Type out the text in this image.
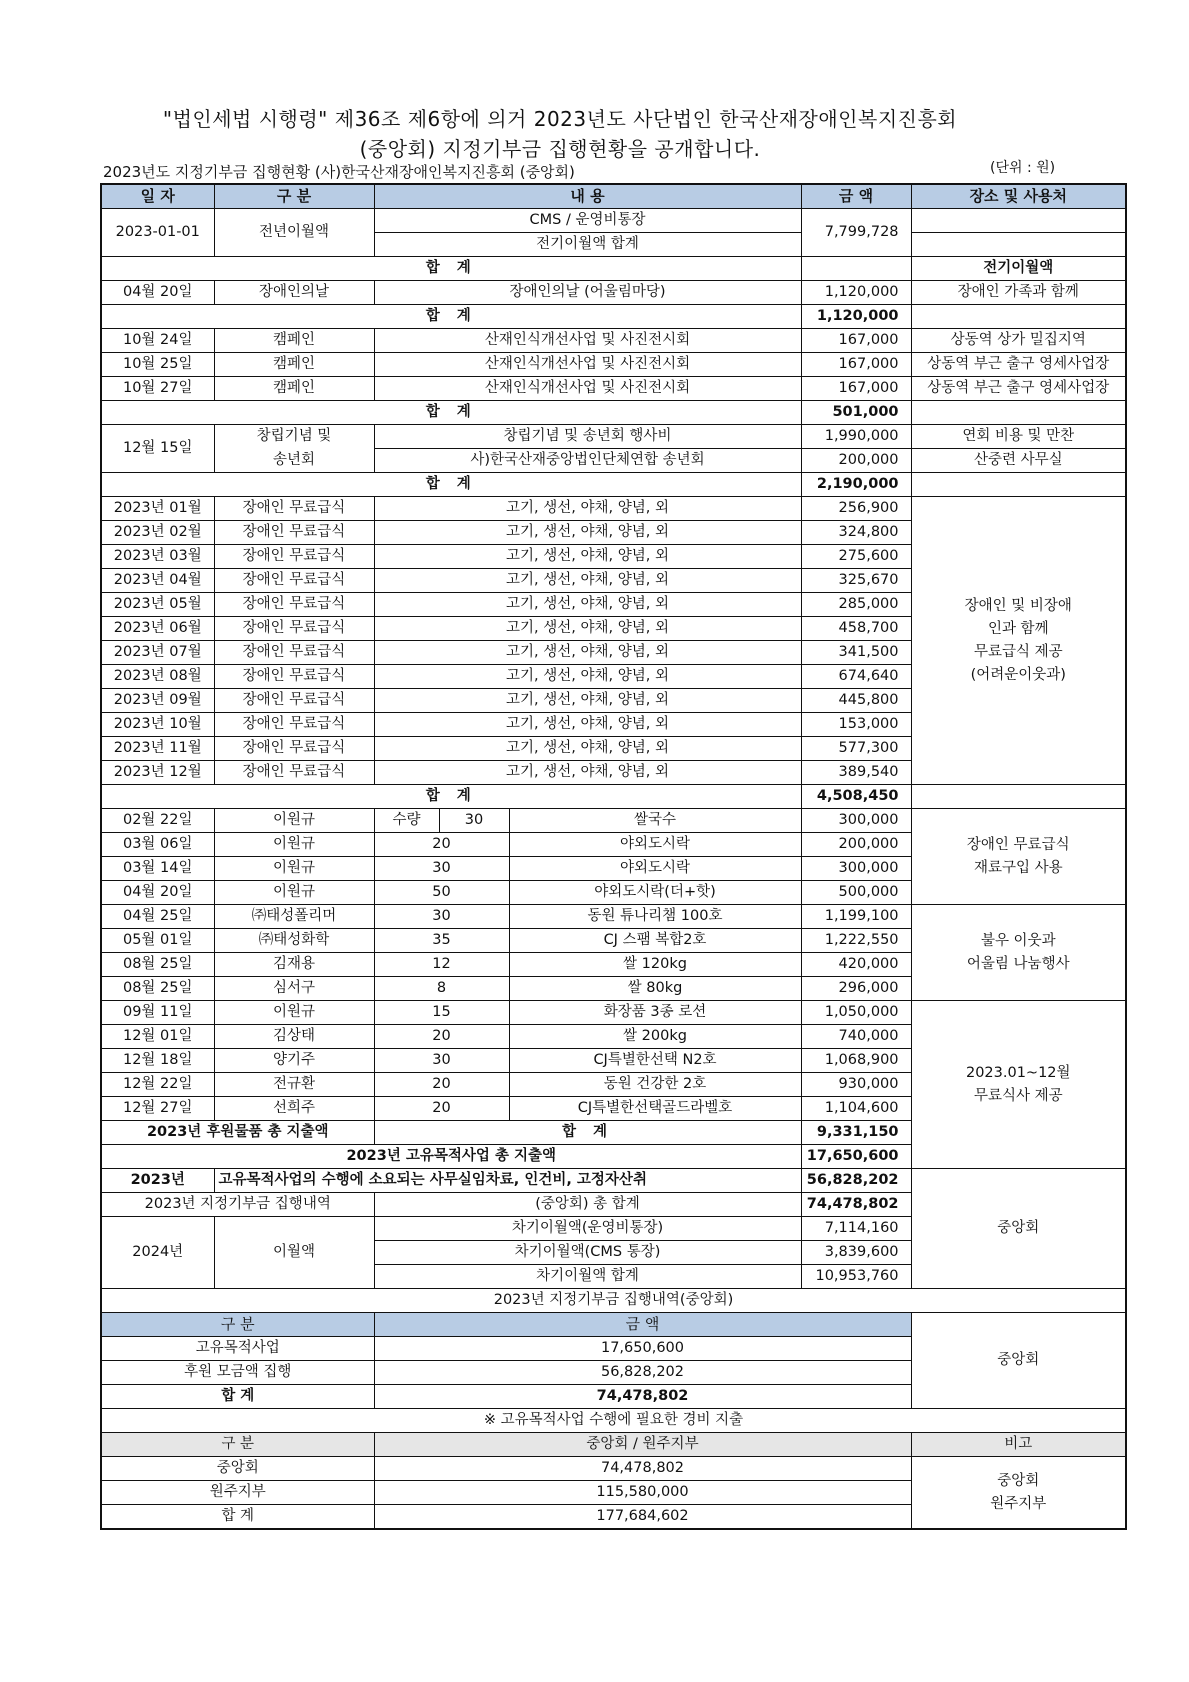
"법인세법 시행령" 제36조 제6항에 의거 2023년도 사단법인 한국산재장애인복지진흥회
(중앙회) 지정기부금 집행현황을 공개합니다.
2023년도 지정기부금 집행현황 (사)한국산재장애인복지진흥회 (중앙회)	(단위 : 원)
일 자	구 분	내 용			금 액	장소 및 사용처
2023-01-01	전년이월액	CMS / 운영비통장			7,799,728	
		전기이월액 합계				
합 계						전기이월액
04월 20일	장애인의날	장애인의날 (어울림마당)			1,120,000	장애인 가족과 함께
합 계					1,120,000	
10월 24일	캠페인	산재인식개선사업 및 사진전시회			167,000	상동역 상가 밀집지역
10월 25일	캠페인	산재인식개선사업 및 사진전시회			167,000	상동역 부근 출구 영세사업장
10월 27일	캠페인	산재인식개선사업 및 사진전시회			167,000	상동역 부근 출구 영세사업장
합 계					501,000	
12월 15일	창립기념 및	창립기념 및 송년회 행사비			1,990,000	연회 비용 및 만찬
	송년회	사)한국산재중앙법인단체연합 송년회			200,000	산중련 사무실
합 계					2,190,000	
2023년 01월	장애인 무료급식	고기, 생선, 야채, 양념, 외			256,900	장애인 및 비장애
인과 함께
무료급식 제공
(어려운이웃과)

2023년 02월	장애인 무료급식	고기, 생선, 야채, 양념, 외			324,800	
2023년 03월	장애인 무료급식	고기, 생선, 야채, 양념, 외			275,600	
2023년 04월	장애인 무료급식	고기, 생선, 야채, 양념, 외			325,670	
2023년 05월	장애인 무료급식	고기, 생선, 야채, 양념, 외			285,000	
2023년 06월	장애인 무료급식	고기, 생선, 야채, 양념, 외			458,700	
2023년 07월	장애인 무료급식	고기, 생선, 야채, 양념, 외			341,500	
2023년 08월	장애인 무료급식	고기, 생선, 야채, 양념, 외			674,640	
2023년 09월	장애인 무료급식	고기, 생선, 야채, 양념, 외			445,800	
2023년 10월	장애인 무료급식	고기, 생선, 야채, 양념, 외			153,000	
2023년 11월	장애인 무료급식	고기, 생선, 야채, 양념, 외			577,300	
2023년 12월	장애인 무료급식	고기, 생선, 야채, 양념, 외			389,540	
합 계					4,508,450	
02월 22일	이원규	수량	30	쌀국수	300,000	장애인 무료급식
재료구입 사용

03월 06일	이원규	20		야외도시락	200,000	
03월 14일	이원규	30		야외도시락	300,000	
04월 20일	이원규	50		야외도시락(더+핫)	500,000	
04월 25일	㈜태성폴리머	30		동원 튜나리챔 100호	1,199,100	불우 이웃과
어울림 나눔행사

05월 01일	㈜태성화학	35		CJ 스팸 복합2호	1,222,550	
08월 25일	김재용	12		쌀 120kg	420,000	
08월 25일	심서구	8		쌀 80kg	296,000	
09월 11일	이원규	15		화장품 3종 로션	1,050,000	2023.01~12월
무료식사 제공

12월 01일	김상태	20		쌀 200kg	740,000	
12월 18일	양기주	30		CJ특별한선택 N2호	1,068,900	
12월 22일	전규환	20		동원 건강한 2호	930,000	
12월 27일	선희주	20		CJ특별한선택골드라벨호	1,104,600	
2023년 후원물품 총 지출액		합 계			9,331,150	
2023년 고유목적사업 총 지출액					17,650,600	
2023년	고유목적사업의 수행에 소요되는 사무실임차료, 인건비, 고정자산취				56,828,202	중앙회
2023년 지정기부금 집행내역		(중앙회) 총 합계			74,478,802	
2024년	이월액	차기이월액(운영비통장)			7,114,160	
		차기이월액(CMS 통장)			3,839,600	
		차기이월액 합계			10,953,760	
2023년 지정기부금 집행내역(중앙회)						
구 분		금 액				중앙회
고유목적사업		17,650,600				
후원 모금액 집행		56,828,202				
합 계		74,478,802				
※ 고유목적사업 수행에 필요한 경비 지출						
구 분		중앙회 / 원주지부				비고
중앙회		74,478,802				중앙회
원주지부

원주지부		115,580,000				
합 계		177,684,602				
